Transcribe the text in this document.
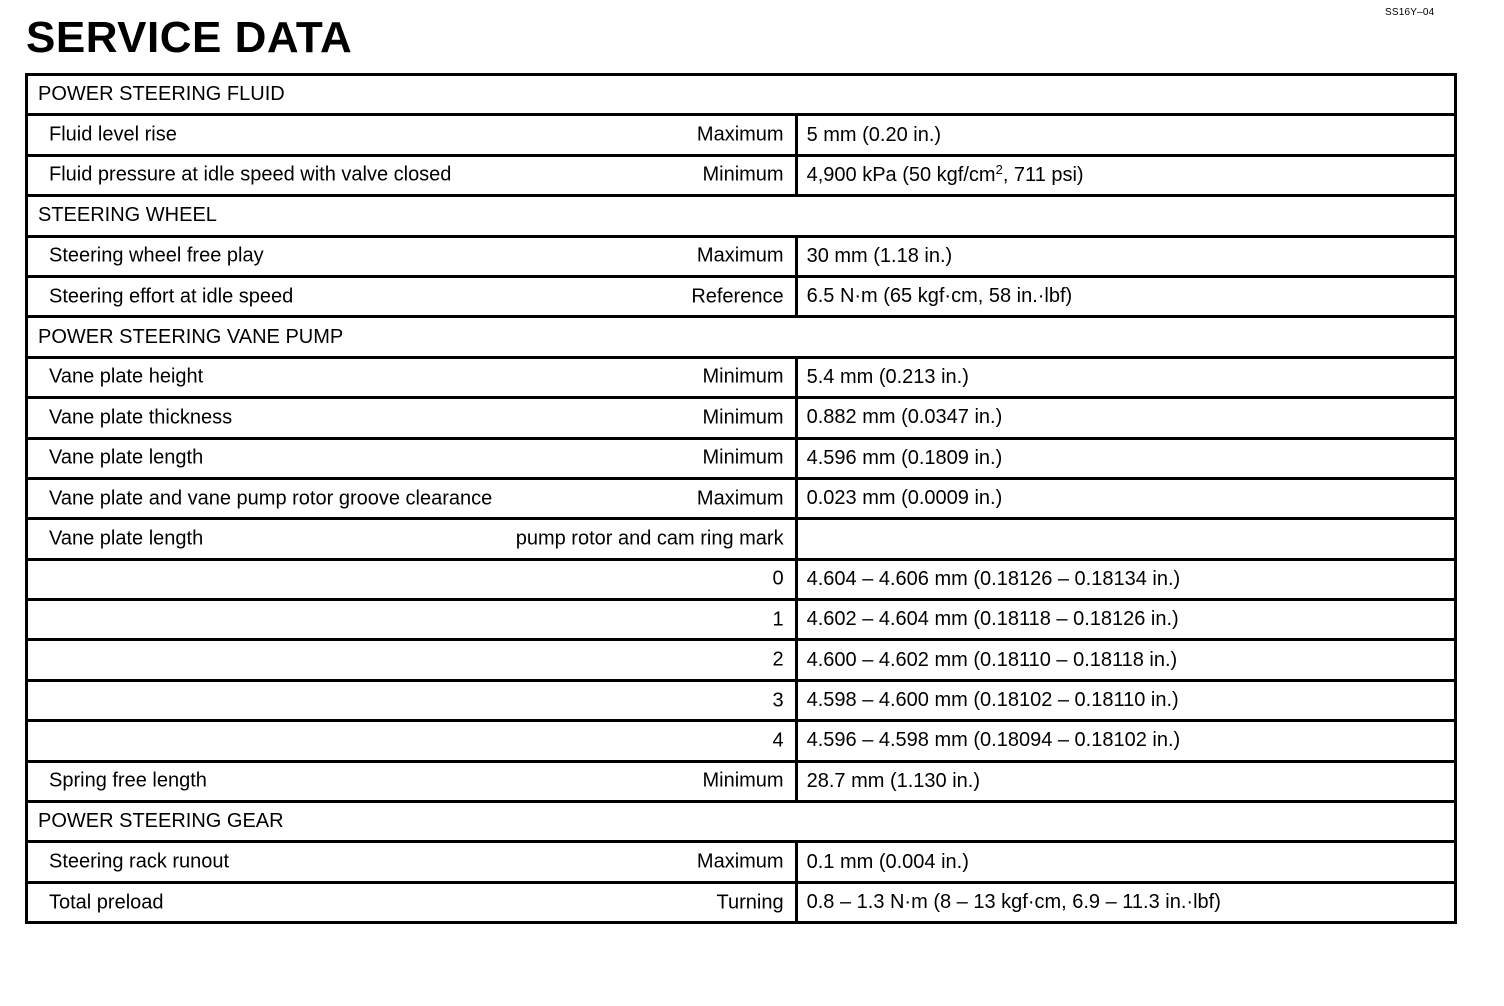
SS16Y–04
SERVICE DATA
POWER STEERING FLUID	

Fluid level rise Maximum	5 mm (0.20 in.)

Fluid pressure at idle speed with valve closed Minimum	4,900 kPa (50 kgf/$cm^2$, 711 psi)
STEERING WHEEL	

Steering wheel free play Maximum	30 mm (1.18 in.)

Steering effort at idle speed Reference	6.5 N·m (65 kgf·cm, 58 in.·lbf)
POWER STEERING VANE PUMP	

Vane plate height Minimum	5.4 mm (0.213 in.)

Vane plate thickness Minimum	0.882 mm (0.0347 in.)

Vane plate length Minimum	4.596 mm (0.1809 in.)

Vane plate and vane pump rotor groove clearance Maximum	0.023 mm (0.0009 in.)

Vane plate length pump rotor and cam ring mark	

0	4.604 – 4.606 mm (0.18126 – 0.18134 in.)

1	4.602 – 4.604 mm (0.18118 – 0.18126 in.)

2	4.600 – 4.602 mm (0.18110 – 0.18118 in.)

3	4.598 – 4.600 mm (0.18102 – 0.18110 in.)

4	4.596 – 4.598 mm (0.18094 – 0.18102 in.)

Spring free length Minimum	28.7 mm (1.130 in.)
POWER STEERING GEAR	

Steering rack runout Maximum	0.1 mm (0.004 in.)

Total preload Turning	0.8 – 1.3 N·m (8 – 13 kgf·cm, 6.9 – 11.3 in.·lbf)
